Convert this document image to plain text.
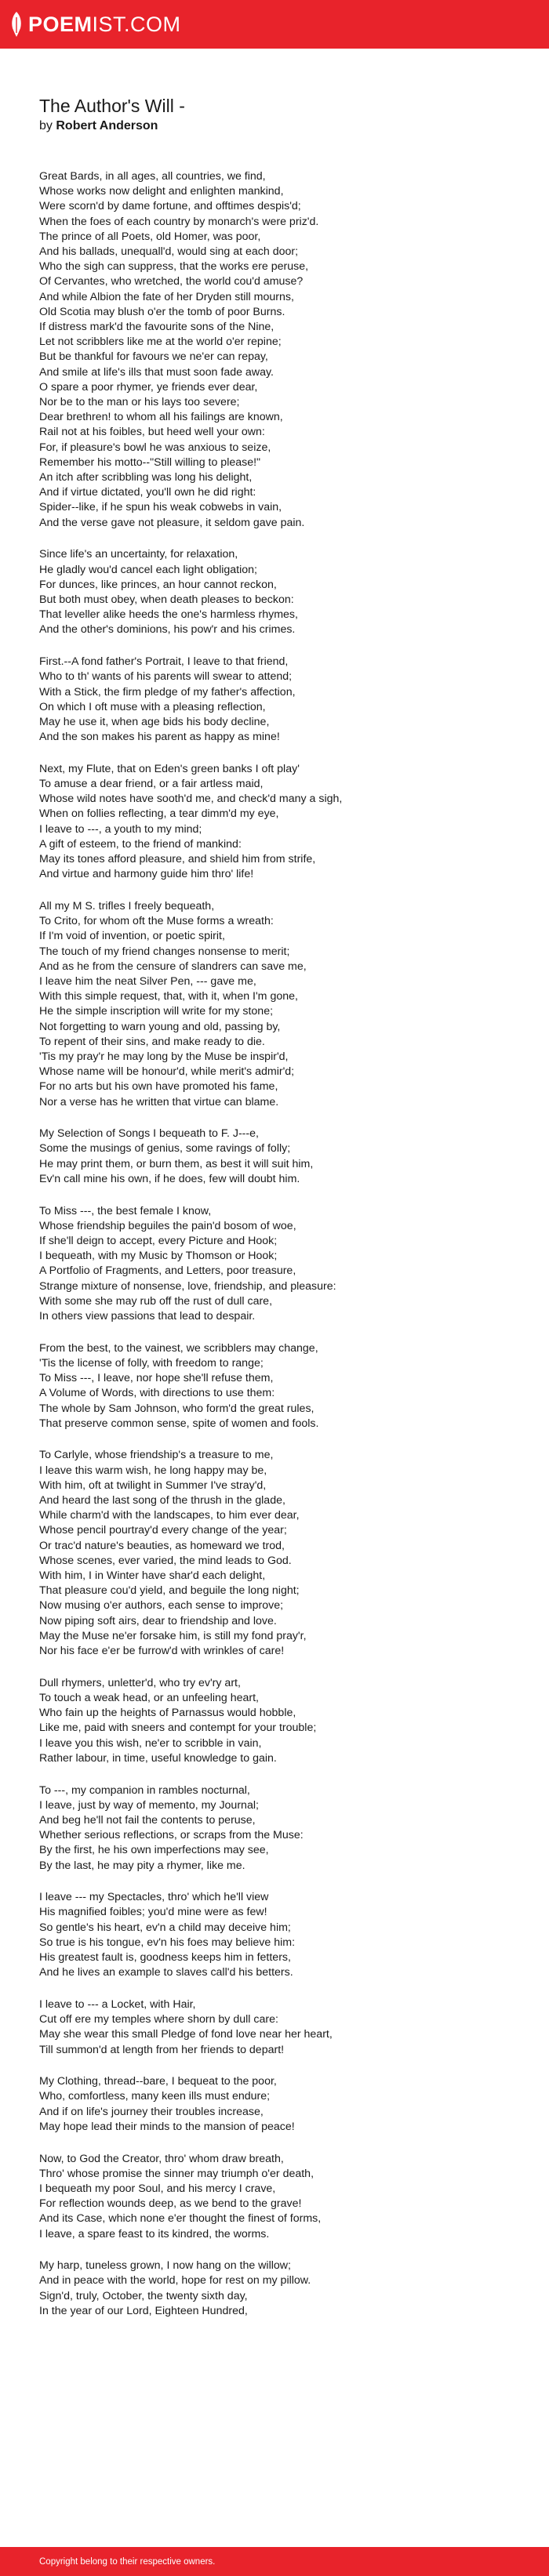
POEMIST.COM
The Author's Will -
by Robert Anderson
Great Bards, in all ages, all countries, we find,
Whose works now delight and enlighten mankind,
Were scorn'd by dame fortune, and offtimes despis'd;
When the foes of each country by monarch's were priz'd.
The prince of all Poets, old Homer, was poor,
And his ballads, unequall'd, would sing at each door;
Who the sigh can suppress, that the works ere peruse,
Of Cervantes, who wretched, the world cou'd amuse?
And while Albion the fate of her Dryden still mourns,
Old Scotia may blush o'er the tomb of poor Burns.
If distress mark'd the favourite sons of the Nine,
Let not scribblers like me at the world o'er repine;
But be thankful for favours we ne'er can repay,
And smile at life's ills that must soon fade away.
O spare a poor rhymer, ye friends ever dear,
Nor be to the man or his lays too severe;
Dear brethren! to whom all his failings are known,
Rail not at his foibles, but heed well your own:
For, if pleasure's bowl he was anxious to seize,
Remember his motto--"Still willing to please!"
An itch after scribbling was long his delight,
And if virtue dictated, you'll own he did right:
Spider--like, if he spun his weak cobwebs in vain,
And the verse gave not pleasure, it seldom gave pain.
Since life's an uncertainty, for relaxation,
He gladly wou'd cancel each light obligation;
For dunces, like princes, an hour cannot reckon,
But both must obey, when death pleases to beckon:
That leveller alike heeds the one's harmless rhymes,
And the other's dominions, his pow'r and his crimes.
First.--A fond father's Portrait, I leave to that friend,
Who to th' wants of his parents will swear to attend;
With a Stick, the firm pledge of my father's affection,
On which I oft muse with a pleasing reflection,
May he use it, when age bids his body decline,
And the son makes his parent as happy as mine!
Next, my Flute, that on Eden's green banks I oft play'
To amuse a dear friend, or a fair artless maid,
Whose wild notes have sooth'd me, and check'd many a sigh,
When on follies reflecting, a tear dimm'd my eye,
I leave to ---, a youth to my mind;
A gift of esteem, to the friend of mankind:
May its tones afford pleasure, and shield him from strife,
And virtue and harmony guide him thro' life!
All my M S. trifles I freely bequeath,
To Crito, for whom oft the Muse forms a wreath:
If I'm void of invention, or poetic spirit,
The touch of my friend changes nonsense to merit;
And as he from the censure of slandrers can save me,
I leave him the neat Silver Pen, --- gave me,
With this simple request, that, with it, when I'm gone,
He the simple inscription will write for my stone;
Not forgetting to warn young and old, passing by,
To repent of their sins, and make ready to die.
'Tis my pray'r he may long by the Muse be inspir'd,
Whose name will be honour'd, while merit's admir'd;
For no arts but his own have promoted his fame,
Nor a verse has he written that virtue can blame.
My Selection of Songs I bequeath to F. J---e,
Some the musings of genius, some ravings of folly;
He may print them, or burn them, as best it will suit him,
Ev'n call mine his own, if he does, few will doubt him.
To Miss ---, the best female I know,
Whose friendship beguiles the pain'd bosom of woe,
If she'll deign to accept, every Picture and Hook;
I bequeath, with my Music by Thomson or Hook;
A Portfolio of Fragments, and Letters, poor treasure,
Strange mixture of nonsense, love, friendship, and pleasure:
With some she may rub off the rust of dull care,
In others view passions that lead to despair.
From the best, to the vainest, we scribblers may change,
'Tis the license of folly, with freedom to range;
To Miss ---, I leave, nor hope she'll refuse them,
A Volume of Words, with directions to use them:
The whole by Sam Johnson, who form'd the great rules,
That preserve common sense, spite of women and fools.
To Carlyle, whose friendship's a treasure to me,
I leave this warm wish, he long happy may be,
With him, oft at twilight in Summer I've stray'd,
And heard the last song of the thrush in the glade,
While charm'd with the landscapes, to him ever dear,
Whose pencil pourtray'd every change of the year;
Or trac'd nature's beauties, as homeward we trod,
Whose scenes, ever varied, the mind leads to God.
With him, I in Winter have shar'd each delight,
That pleasure cou'd yield, and beguile the long night;
Now musing o'er authors, each sense to improve;
Now piping soft airs, dear to friendship and love.
May the Muse ne'er forsake him, is still my fond pray'r,
Nor his face e'er be furrow'd with wrinkles of care!
Dull rhymers, unletter'd, who try ev'ry art,
To touch a weak head, or an unfeeling heart,
Who fain up the heights of Parnassus would hobble,
Like me, paid with sneers and contempt for your trouble;
I leave you this wish, ne'er to scribble in vain,
Rather labour, in time, useful knowledge to gain.
To ---, my companion in rambles nocturnal,
I leave, just by way of memento, my Journal;
And beg he'll not fail the contents to peruse,
Whether serious reflections, or scraps from the Muse:
By the first, he his own imperfections may see,
By the last, he may pity a rhymer, like me.
I leave --- my Spectacles, thro' which he'll view
His magnified foibles; you'd mine were as few!
So gentle's his heart, ev'n a child may deceive him;
So true is his tongue, ev'n his foes may believe him:
His greatest fault is, goodness keeps him in fetters,
And he lives an example to slaves call'd his betters.
I leave to --- a Locket, with Hair,
Cut off ere my temples where shorn by dull care:
May she wear this small Pledge of fond love near her heart,
Till summon'd at length from her friends to depart!
My Clothing, thread--bare, I bequeat to the poor,
Who, comfortless, many keen ills must endure;
And if on life's journey their troubles increase,
May hope lead their minds to the mansion of peace!
Now, to God the Creator, thro' whom draw breath,
Thro' whose promise the sinner may triumph o'er death,
I bequeath my poor Soul, and his mercy I crave,
For reflection wounds deep, as we bend to the grave!
And its Case, which none e'er thought the finest of forms,
I leave, a spare feast to its kindred, the worms.
My harp, tuneless grown, I now hang on the willow;
And in peace with the world, hope for rest on my pillow.
Sign'd, truly, October, the twenty sixth day,
In the year of our Lord, Eighteen Hundred,
Copyright belong to their respective owners.
